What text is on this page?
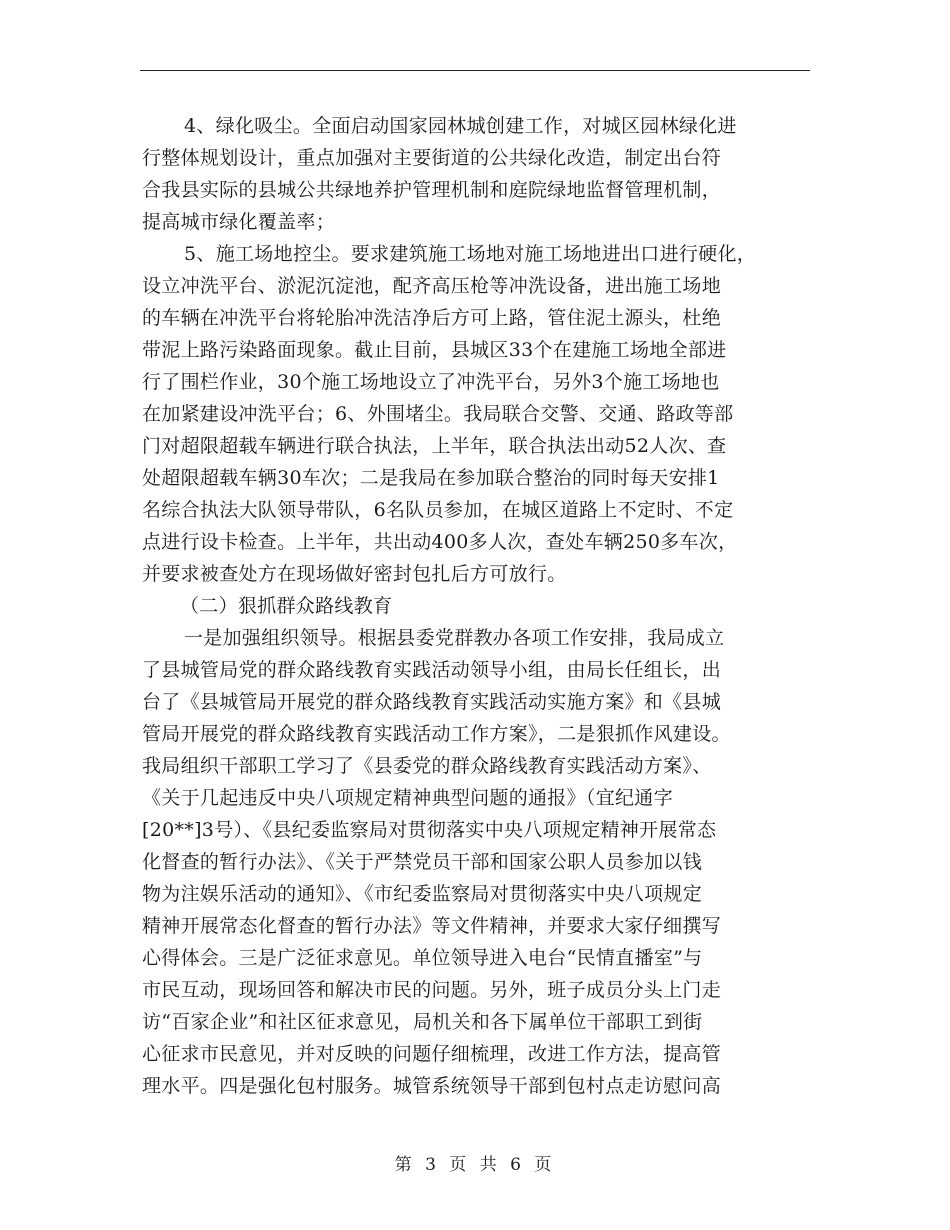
4、绿化吸尘。全面启动国家园林城创建工作，对城区园林绿化进
行整体规划设计，重点加强对主要街道的公共绿化改造，制定出台符
合我县实际的县城公共绿地养护管理机制和庭院绿地监督管理机制，
提高城市绿化覆盖率；
5、施工场地控尘。要求建筑施工场地对施工场地进出口进行硬化，
设立冲洗平台、淤泥沉淀池，配齐高压枪等冲洗设备，进出施工场地
的车辆在冲洗平台将轮胎冲洗洁净后方可上路，管住泥土源头，杜绝
带泥上路污染路面现象。截止目前，县城区33个在建施工场地全部进
行了围栏作业，30个施工场地设立了冲洗平台，另外3个施工场地也
在加紧建设冲洗平台；6、外围堵尘。我局联合交警、交通、路政等部
门对超限超载车辆进行联合执法，上半年，联合执法出动52人次、查
处超限超载车辆30车次；二是我局在参加联合整治的同时每天安排1
名综合执法大队领导带队，6名队员参加，在城区道路上不定时、不定
点进行设卡检查。上半年，共出动400多人次，查处车辆250多车次，
并要求被查处方在现场做好密封包扎后方可放行。
（二）狠抓群众路线教育
一是加强组织领导。根据县委党群教办各项工作安排，我局成立
了县城管局党的群众路线教育实践活动领导小组，由局长任组长，出
台了《县城管局开展党的群众路线教育实践活动实施方案》和《县城
管局开展党的群众路线教育实践活动工作方案》，二是狠抓作风建设。
我局组织干部职工学习了《县委党的群众路线教育实践活动方案》、
《关于几起违反中央八项规定精神典型问题的通报》（宜纪通字
[20**]3号）、《县纪委监察局对贯彻落实中央八项规定精神开展常态
化督查的暂行办法》、《关于严禁党员干部和国家公职人员参加以钱
物为注娱乐活动的通知》、《市纪委监察局对贯彻落实中央八项规定
精神开展常态化督查的暂行办法》等文件精神，并要求大家仔细撰写
心得体会。三是广泛征求意见。单位领导进入电台“民情直播室”与
市民互动，现场回答和解决市民的问题。另外，班子成员分头上门走
访“百家企业”和社区征求意见，局机关和各下属单位干部职工到街
心征求市民意见，并对反映的问题仔细梳理，改进工作方法，提高管
理水平。四是强化包村服务。城管系统领导干部到包村点走访慰问高
第 3 页 共 6 页
